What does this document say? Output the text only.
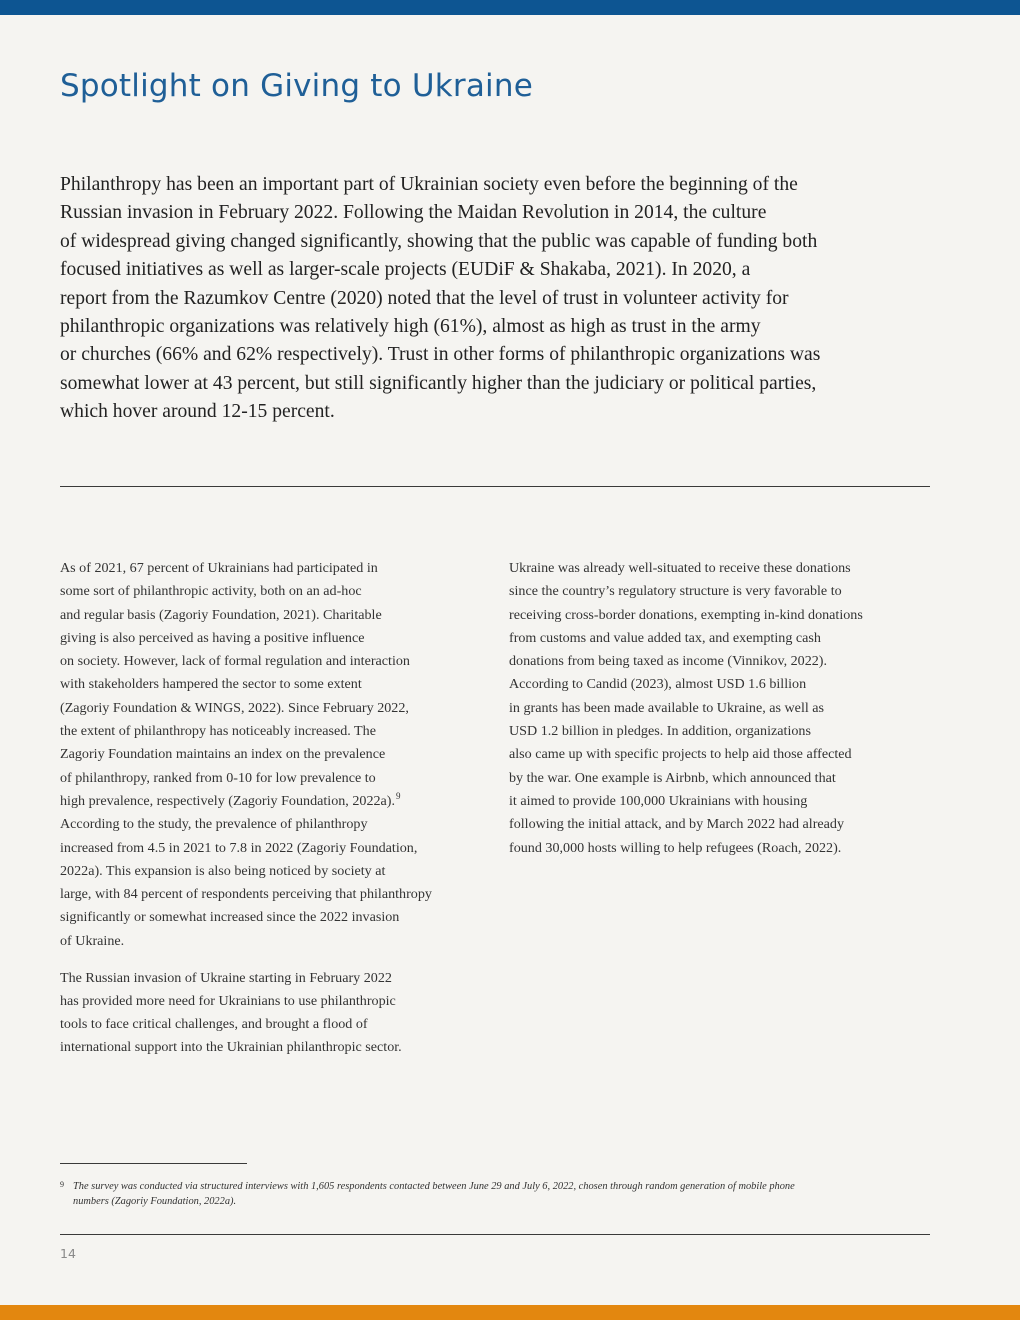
Spotlight on Giving to Ukraine
Philanthropy has been an important part of Ukrainian society even before the beginning of the
Russian invasion in February 2022. Following the Maidan Revolution in 2014, the culture
of widespread giving changed significantly, showing that the public was capable of funding both
focused initiatives as well as larger-scale projects (EUDiF & Shakaba, 2021). In 2020, a
report from the Razumkov Centre (2020) noted that the level of trust in volunteer activity for
philanthropic organizations was relatively high (61%), almost as high as trust in the army
or churches (66% and 62% respectively). Trust in other forms of philanthropic organizations was
somewhat lower at 43 percent, but still significantly higher than the judiciary or political parties,
which hover around 12-15 percent.
As of 2021, 67 percent of Ukrainians had participated in
some sort of philanthropic activity, both on an ad-hoc
and regular basis (Zagoriy Foundation, 2021). Charitable
giving is also perceived as having a positive influence
on society. However, lack of formal regulation and interaction
with stakeholders hampered the sector to some extent
(Zagoriy Foundation & WINGS, 2022). Since February 2022,
the extent of philanthropy has noticeably increased. The
Zagoriy Foundation maintains an index on the prevalence
of philanthropy, ranked from 0-10 for low prevalence to
high prevalence, respectively (Zagoriy Foundation, 2022a).$^9$
According to the study, the prevalence of philanthropy
increased from 4.5 in 2021 to 7.8 in 2022 (Zagoriy Foundation,
2022a). This expansion is also being noticed by society at
large, with 84 percent of respondents perceiving that philanthropy
significantly or somewhat increased since the 2022 invasion
of Ukraine.
The Russian invasion of Ukraine starting in February 2022
has provided more need for Ukrainians to use philanthropic
tools to face critical challenges, and brought a flood of
international support into the Ukrainian philanthropic sector.
Ukraine was already well-situated to receive these donations
since the country’s regulatory structure is very favorable to
receiving cross-border donations, exempting in-kind donations
from customs and value added tax, and exempting cash
donations from being taxed as income (Vinnikov, 2022).
According to Candid (2023), almost USD 1.6 billion
in grants has been made available to Ukraine, as well as
USD 1.2 billion in pledges. In addition, organizations
also came up with specific projects to help aid those affected
by the war. One example is Airbnb, which announced that
it aimed to provide 100,000 Ukrainians with housing
following the initial attack, and by March 2022 had already
found 30,000 hosts willing to help refugees (Roach, 2022).
9 The survey was conducted via structured interviews with 1,605 respondents contacted between June 29 and July 6, 2022, chosen through random generation of mobile phone
numbers (Zagoriy Foundation, 2022a).
14
